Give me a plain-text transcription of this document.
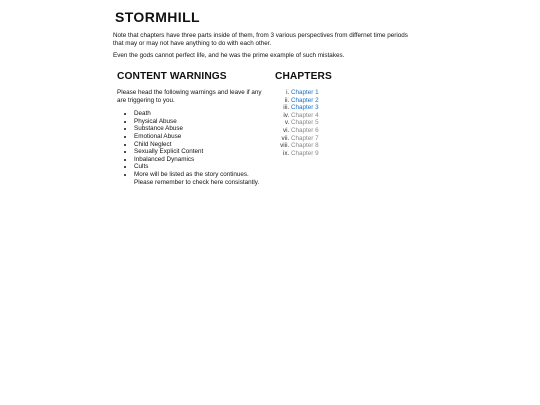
STORMHILL

Note that chapters have three parts inside of them, from 3 various perspectives from differnet time periods that may or may not have anything to do with each other.

Even the gods cannot perfect life, and he was the prime example of such mistakes.

CONTENT WARNINGS

Please head the following warnings and leave if any are triggering to you.

• Death
• Physical Abuse
• Substance Abuse
• Emotional Abuse
• Child Neglect
• Sexually Explicit Content
• Inbalanced Dynamics
• Cults
• More will be listed as the story continues. Please remember to check here consistantly.
CHAPTERS
i. Chapter 1
ii. Chapter 2
iii. Chapter 3
iv. Chapter 4
v. Chapter 5
vi. Chapter 6
vii. Chapter 7
viii. Chapter 8
ix. Chapter 9
